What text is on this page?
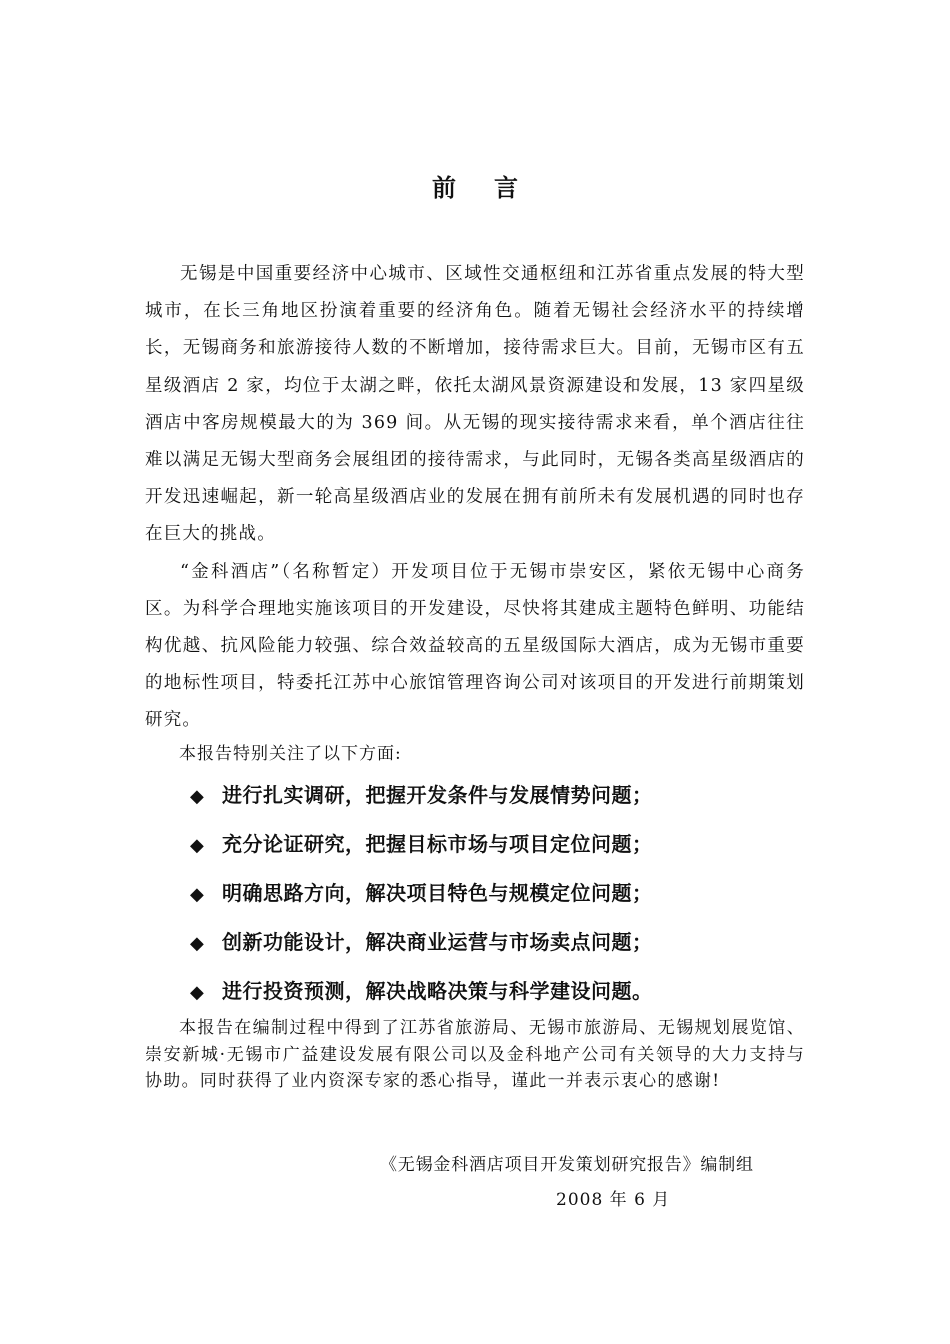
前言

无锡是中国重要经济中心城市、区域性交通枢纽和江苏省重点发展的特大型城市，在长三角地区扮演着重要的经济角色。随着无锡社会经济水平的持续增长，无锡商务和旅游接待人数的不断增加，接待需求巨大。目前，无锡市区有五星级酒店 2 家，均位于太湖之畔，依托太湖风景资源建设和发展，13 家四星级酒店中客房规模最大的为 369 间。从无锡的现实接待需求来看，单个酒店往往难以满足无锡大型商务会展组团的接待需求，与此同时，无锡各类高星级酒店的开发迅速崛起，新一轮高星级酒店业的发展在拥有前所未有发展机遇的同时也存在巨大的挑战。

“金科酒店”（名称暂定）开发项目位于无锡市崇安区，紧依无锡中心商务区。为科学合理地实施该项目的开发建设，尽快将其建成主题特色鲜明、功能结构优越、抗风险能力较强、综合效益较高的五星级国际大酒店，成为无锡市重要的地标性项目，特委托江苏中心旅馆管理咨询公司对该项目的开发进行前期策划研究。

本报告特别关注了以下方面:
◆ 进行扎实调研，把握开发条件与发展情势问题；
◆ 充分论证研究，把握目标市场与项目定位问题；
◆ 明确思路方向，解决项目特色与规模定位问题；
◆ 创新功能设计，解决商业运营与市场卖点问题；
◆ 进行投资预测，解决战略决策与科学建设问题。

本报告在编制过程中得到了江苏省旅游局、无锡市旅游局、无锡规划展览馆、崇安新城·无锡市广益建设发展有限公司以及金科地产公司有关领导的大力支持与协助。同时获得了业内资深专家的悉心指导，谨此一并表示衷心的感谢!

《无锡金科酒店项目开发策划研究报告》编制组
2008 年 6 月
